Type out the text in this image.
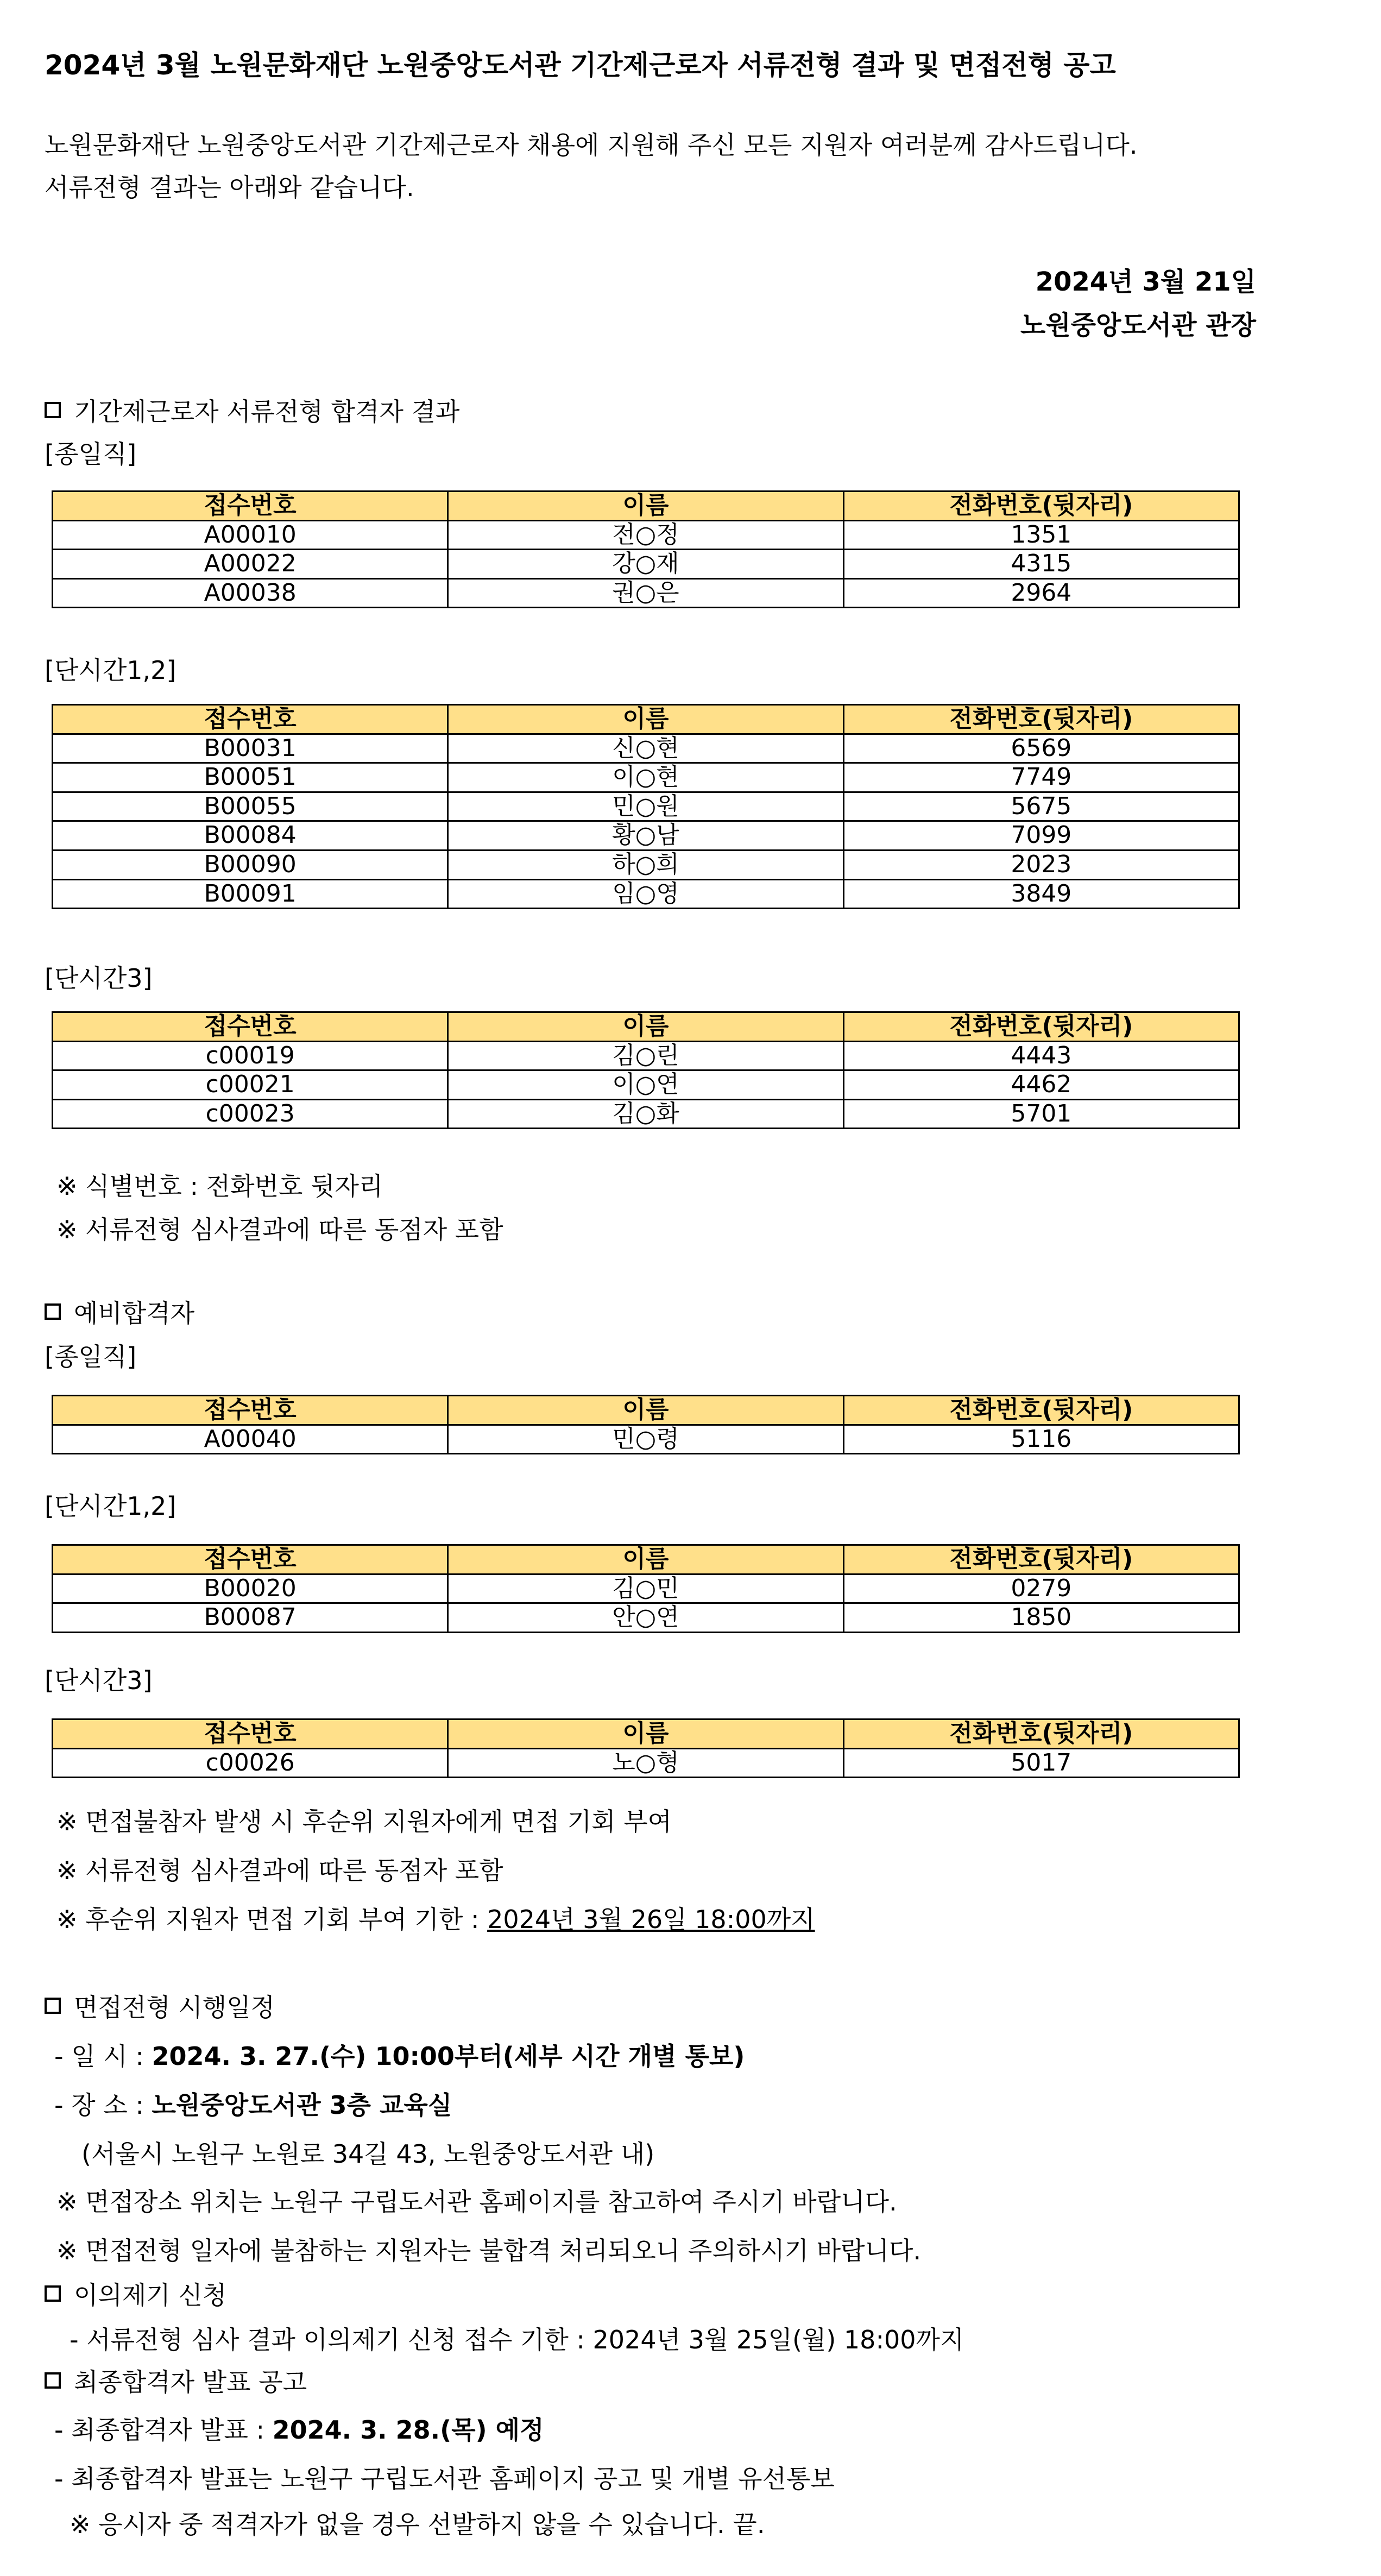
2024년 3월 노원문화재단 노원중앙도서관 기간제근로자 서류전형 결과 및 면접전형 공고
노원문화재단 노원중앙도서관 기간제근로자 채용에 지원해 주신 모든 지원자 여러분께 감사드립니다.
서류전형 결과는 아래와 같습니다.
2024년 3월 21일
노원중앙도서관 관장
기간제근로자 서류전형 합격자 결과
[종일직]
접수번호	이름	전화번호(뒷자리)
A00010	전○정	1351
A00022	강○재	4315
A00038	권○은	2964
[단시간1,2]
접수번호	이름	전화번호(뒷자리)
B00031	신○현	6569
B00051	이○현	7749
B00055	민○원	5675
B00084	황○남	7099
B00090	하○희	2023
B00091	임○영	3849
[단시간3]
접수번호	이름	전화번호(뒷자리)
c00019	김○린	4443
c00021	이○연	4462
c00023	김○화	5701
※ 식별번호 : 전화번호 뒷자리
※ 서류전형 심사결과에 따른 동점자 포함
예비합격자
[종일직]
접수번호	이름	전화번호(뒷자리)
A00040	민○령	5116
[단시간1,2]
접수번호	이름	전화번호(뒷자리)
B00020	김○민	0279
B00087	안○연	1850
[단시간3]
접수번호	이름	전화번호(뒷자리)
c00026	노○형	5017
※ 면접불참자 발생 시 후순위 지원자에게 면접 기회 부여
※ 서류전형 심사결과에 따른 동점자 포함
※ 후순위 지원자 면접 기회 부여 기한 : 2024년 3월 26일 18:00까지
면접전형 시행일정
- 일 시 : 2024. 3. 27.(수) 10:00부터(세부 시간 개별 통보)
- 장 소 : 노원중앙도서관 3층 교육실
(서울시 노원구 노원로 34길 43, 노원중앙도서관 내)
※ 면접장소 위치는 노원구 구립도서관 홈페이지를 참고하여 주시기 바랍니다.
※ 면접전형 일자에 불참하는 지원자는 불합격 처리되오니 주의하시기 바랍니다.
이의제기 신청
- 서류전형 심사 결과 이의제기 신청 접수 기한 : 2024년 3월 25일(월) 18:00까지
최종합격자 발표 공고
- 최종합격자 발표 : 2024. 3. 28.(목) 예정
- 최종합격자 발표는 노원구 구립도서관 홈페이지 공고 및 개별 유선통보
※ 응시자 중 적격자가 없을 경우 선발하지 않을 수 있습니다. 끝.
